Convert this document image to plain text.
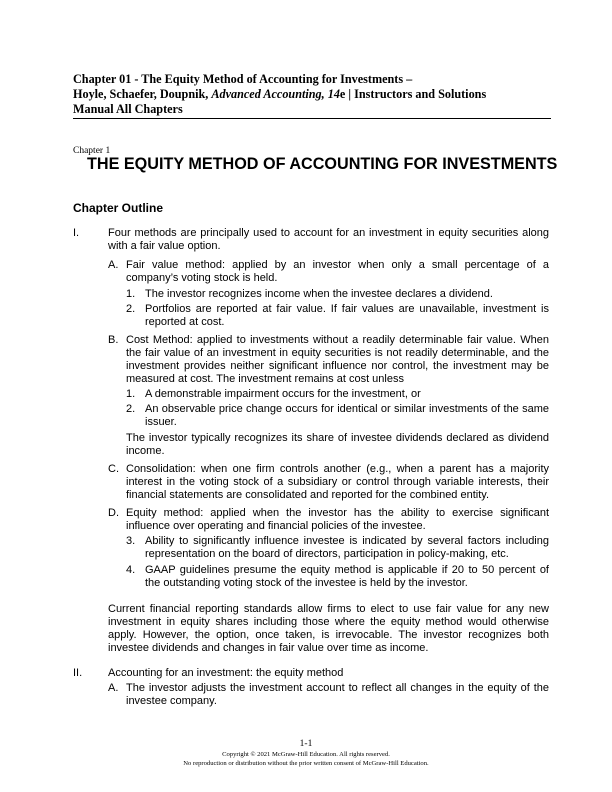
Chapter 01 - The Equity Method of Accounting for Investments –
Hoyle, Schaefer, Doupnik, Advanced Accounting, 14e | Instructors and Solutions
Manual All Chapters
Chapter 1
THE EQUITY METHOD OF ACCOUNTING FOR INVESTMENTS
Chapter Outline
I.	Four methods are principally used to account for an investment in equity securities along with a fair value option.
A. Fair value method: applied by an investor when only a small percentage of a company’s voting stock is held.
1. The investor recognizes income when the investee declares a dividend.
2. Portfolios are reported at fair value. If fair values are unavailable, investment is reported at cost.
B. Cost Method: applied to investments without a readily determinable fair value. When the fair value of an investment in equity securities is not readily determinable, and the investment provides neither significant influence nor control, the investment may be measured at cost. The investment remains at cost unless
1. A demonstrable impairment occurs for the investment, or
2. An observable price change occurs for identical or similar investments of the same issuer.
The investor typically recognizes its share of investee dividends declared as dividend income.
C. Consolidation: when one firm controls another (e.g., when a parent has a majority interest in the voting stock of a subsidiary or control through variable interests, their financial statements are consolidated and reported for the combined entity.
D. Equity method: applied when the investor has the ability to exercise significant influence over operating and financial policies of the investee.
3. Ability to significantly influence investee is indicated by several factors including representation on the board of directors, participation in policy-making, etc.
4. GAAP guidelines presume the equity method is applicable if 20 to 50 percent of the outstanding voting stock of the investee is held by the investor.
Current financial reporting standards allow firms to elect to use fair value for any new investment in equity shares including those where the equity method would otherwise apply. However, the option, once taken, is irrevocable. The investor recognizes both investee dividends and changes in fair value over time as income.
II. Accounting for an investment: the equity method
A. The investor adjusts the investment account to reflect all changes in the equity of the investee company.
1-1
Copyright © 2021 McGraw-Hill Education. All rights reserved.
No reproduction or distribution without the prior written consent of McGraw-Hill Education.
